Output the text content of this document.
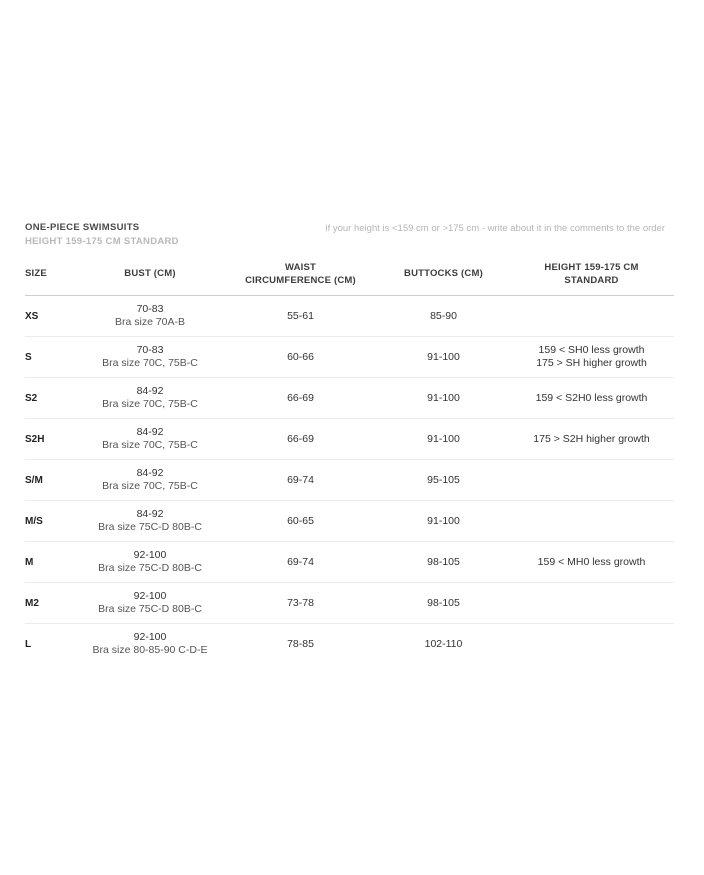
ONE-PIECE SWIMSUITS
HEIGHT 159-175 CM STANDARD
if your height is <159 cm or >175 cm - write about it in the comments to the order
SIZE	BUST (CM)	WAIST
CIRCUMFERENCE (CM)	BUTTOCKS (CM)	HEIGHT 159-175 CM
STANDARD

XS	70-83
Bra size 70A-B	55-61	85-90	

S	70-83
Bra size 70C, 75B-C	60-66	91-100	159 < SH0 less growth
175 > SH higher growth

S2	84-92
Bra size 70C, 75B-C	66-69	91-100	159 < S2H0 less growth

S2H	84-92
Bra size 70C, 75B-C	66-69	91-100	175 > S2H higher growth

S/M	84-92
Bra size 70C, 75B-C	69-74	95-105	

M/S	84-92
Bra size 75C-D 80B-C	60-65	91-100	

M	92-100
Bra size 75C-D 80B-C	69-74	98-105	159 < MH0 less growth

M2	92-100
Bra size 75C-D 80B-C	73-78	98-105	

L	92-100
Bra size 80-85-90 C-D-E	78-85	102-110	
